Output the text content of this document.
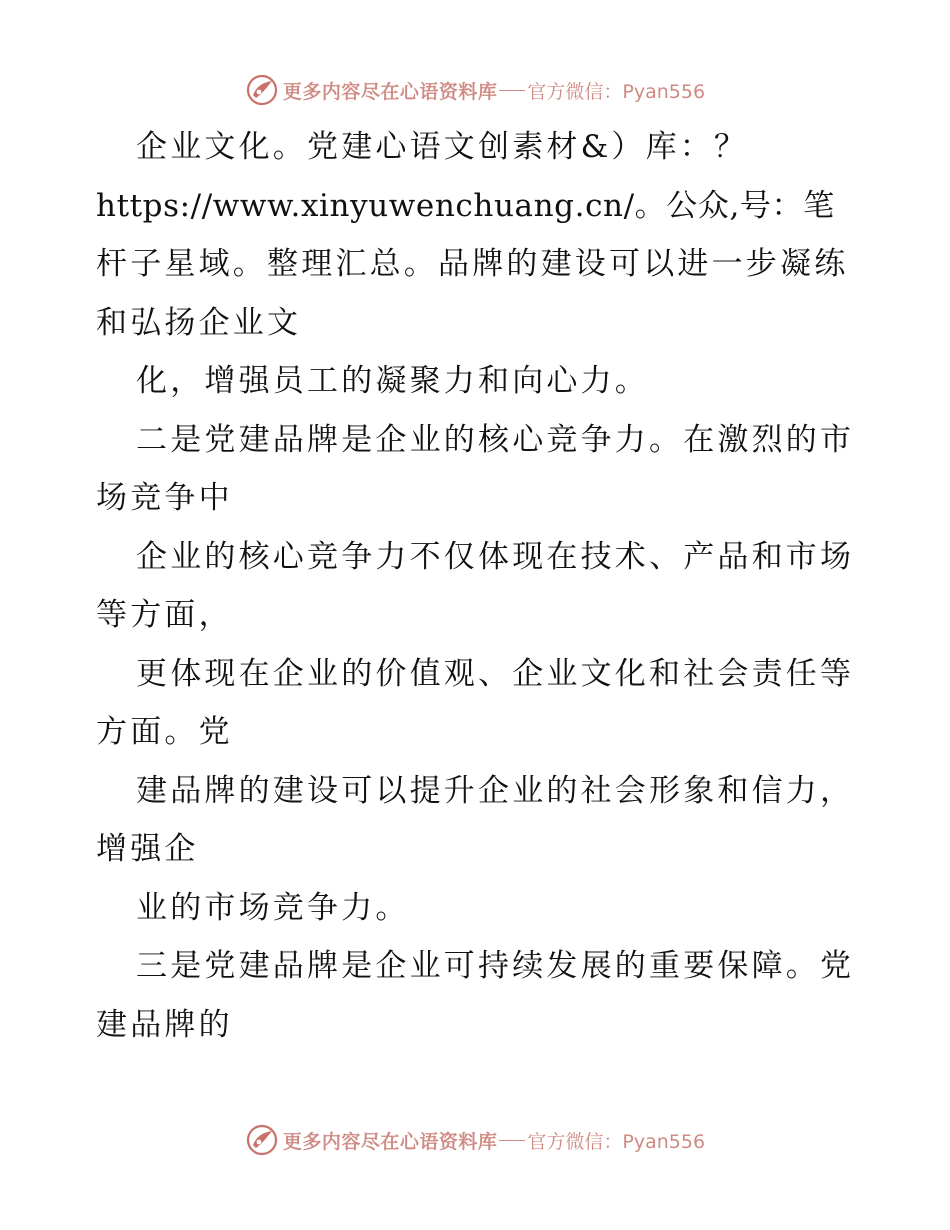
更多内容尽在心语资料库 官方微信：Pyan556
企业文化。党建心语文创素材&）库：？
https://www.xinyuwenchuang.cn/。公众,号：笔
杆子星域。整理汇总。品牌的建设可以进一步凝练
和弘扬企业文
化，增强员工的凝聚力和向心力。
二是党建品牌是企业的核心竞争力。在激烈的市
场竞争中
企业的核心竞争力不仅体现在技术、产品和市场
等方面，
更体现在企业的价值观、企业文化和社会责任等
方面。党
建品牌的建设可以提升企业的社会形象和信力，
增强企
业的市场竞争力。
三是党建品牌是企业可持续发展的重要保障。党
建品牌的
更多内容尽在心语资料库 官方微信：Pyan556
